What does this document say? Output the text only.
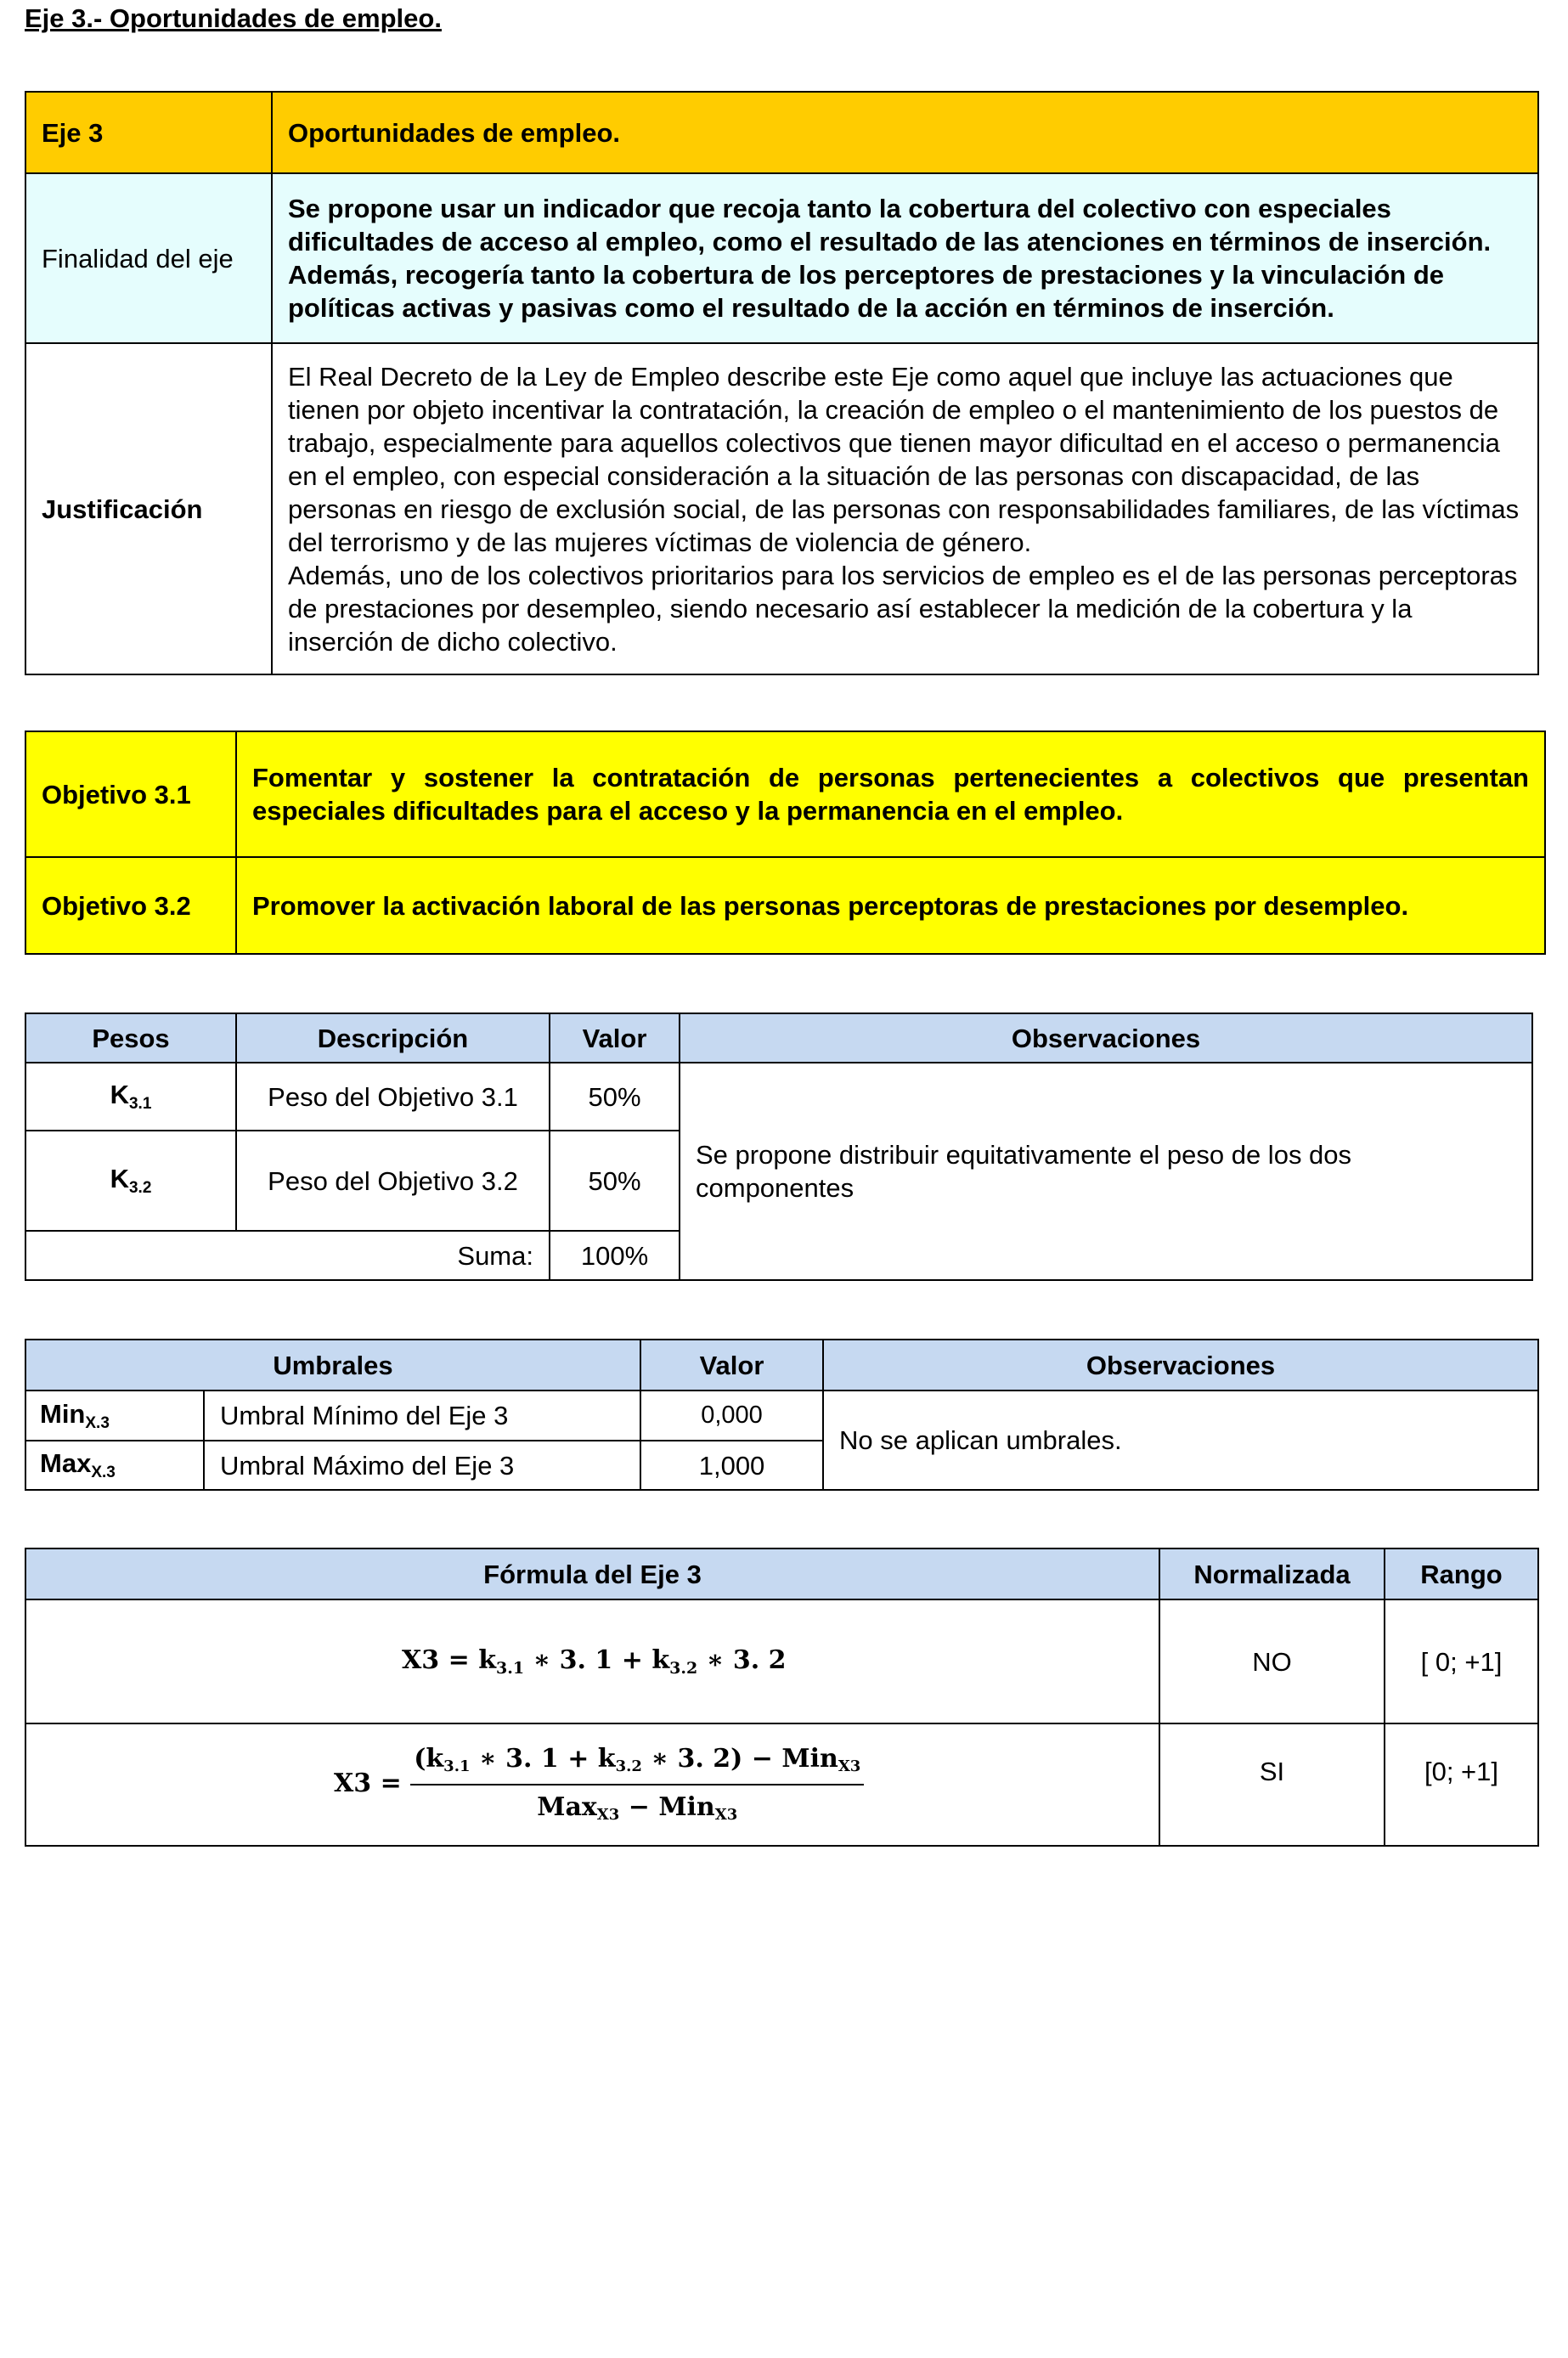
Eje 3.- Oportunidades de empleo.
Eje 3	Oportunidades de empleo.
Finalidad del eje	Se propone usar un indicador que recoja tanto la cobertura del colectivo con especiales dificultades de acceso al empleo, como el resultado de las atenciones en términos de inserción. Además, recogería tanto la cobertura de los perceptores de prestaciones y la vinculación de políticas activas y pasivas como el resultado de la acción en términos de inserción.
Justificación	El Real Decreto de la Ley de Empleo describe este Eje como aquel que incluye las actuaciones que tienen por objeto incentivar la contratación, la creación de empleo o el mantenimiento de los puestos de trabajo, especialmente para aquellos colectivos que tienen mayor dificultad en el acceso o permanencia en el empleo, con especial consideración a la situación de las personas con discapacidad, de las personas en riesgo de exclusión social, de las personas con responsabilidades familiares, de las víctimas del terrorismo y de las mujeres víctimas de violencia de género.
Además, uno de los colectivos prioritarios para los servicios de empleo es el de las personas perceptoras de prestaciones por desempleo, siendo necesario así establecer la medición de la cobertura y la inserción de dicho colectivo.
Objetivo 3.1	Fomentar y sostener la contratación de personas pertenecientes a colectivos que presentan especiales dificultades para el acceso y la permanencia en el empleo.
Objetivo 3.2	Promover la activación laboral de las personas perceptoras de prestaciones por desempleo.
Pesos	Descripción	Valor	Observaciones
$K_{3.1}$	Peso del Objetivo 3.1	50%	Se propone distribuir equitativamente el peso de los dos componentes
$K_{3.2}$	Peso del Objetivo 3.2	50%	
Suma:		100%	
Umbrales		Valor	Observaciones
Min$_{X.3}$	Umbral Mínimo del Eje 3	0,000	No se aplican umbrales.
Max$_{X.3}$	Umbral Máximo del Eje 3	1,000	
Fórmula del Eje 3	Normalizada	Rango
$X3 = k_{3.1}$ ∗ 3. $1 + k_{3.2}$ ∗ 3. 2	NO	[ 0; +1]
$X3 = \frac{(k_{3.1} ∗ 3. 1 + k_{3.2} ∗ 3. 2) - Min_{X3}}{Max_{X3} - Min_{X3}}$	SI	[0; +1]
